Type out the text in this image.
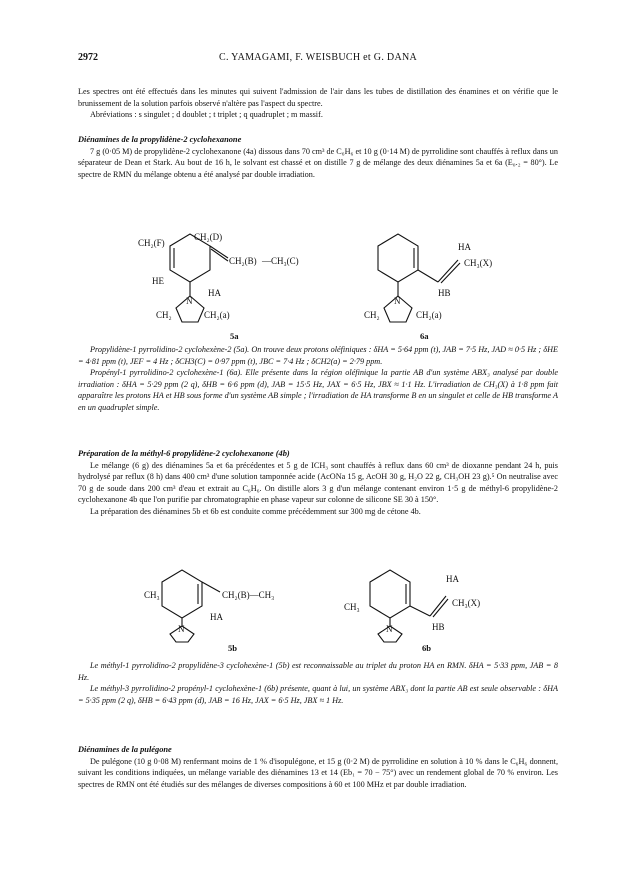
2972	C. YAMAGAMI, F. WEISBUCH et G. DANA

Les spectres ont été effectués dans les minutes qui suivent l'admission de l'air dans les tubes de distillation des énamines et on vérifie que le brunissement de la solution parfois observé n'altère pas l'aspect du spectre.

Abréviations : s singulet ; d doublet ; t triplet ; q quadruplet ; m massif.

Diénamines de la propylidène-2 cyclohexanone

7 g (0·05 M) de propylidène-2 cyclohexanone (4a) dissous dans 70 cm³ de C₆H₆ et 10 g (0·14 M) de pyrrolidine sont chauffés à reflux dans un séparateur de Dean et Stark. Au bout de 16 h, le solvant est chassé et on distille 7 g de mélange des deux diénamines 5a et 6a (E₀.₂ = 80°). Le spectre de RMN du mélange obtenu a été analysé par double irradiation.

CH₂(F)
CH₂(D)
HE
CH₂(B) —CH₃(C)
N
HA
CH₂	CH₂(a)
HA
CH₃(X)
HB
N
CH₂	CH₂(a)
5a	6a

Propylidène-1 pyrrolidino-2 cyclohexène-2 (5a). On trouve deux protons oléfiniques : δHA = 5·64 ppm (t), JAB = 7·5 Hz, JAD ≈ 0·5 Hz ; δHE = 4·81 ppm (t), JEF = 4 Hz ; δCH3(C) = 0·97 ppm (t), JBC = 7·4 Hz ; δCH2(a) = 2·79 ppm.

Propényl-1 pyrrolidino-2 cyclohexène-1 (6a). Elle présente dans la région oléfinique la partie AB d'un système ABX₃ analysé par double irradiation : δHA = 5·29 ppm (2 q), δHB = 6·6 ppm (d), JAB = 15·5 Hz, JAX = 6·5 Hz, JBX ≈ 1·1 Hz. L'irradiation de CH₃(X) à 1·8 ppm fait apparaître les protons HA et HB sous forme d'un système AB simple ; l'irradiation de HA transforme B en un singulet et celle de HB transforme A en un quadruplet simple.

Préparation de la méthyl-6 propylidène-2 cyclohexanone (4b)

Le mélange (6 g) des diénamines 5a et 6a précédentes et 5 g de ICH₃ sont chauffés à reflux dans 60 cm³ de dioxanne pendant 24 h, puis hydrolysé par reflux (8 h) dans 400 cm³ d'une solution tamponnée acide (AcONa 15 g, AcOH 30 g, H₂O 22 g, CH₃OH 23 g).⁵ On neutralise avec 70 g de soude dans 200 cm³ d'eau et extrait au C₆H₆. On distille alors 3 g d'un mélange contenant environ 1·5 g de méthyl-6 propylidène-2 cyclohexanone 4b que l'on purifie par chromatographie en phase vapeur sur colonne de silicone SE 30 à 150°.

La préparation des diénamines 5b et 6b est conduite comme précédemment sur 300 mg de cétone 4b.

CH₃	CH₂(B)—CH₃
HA
N
CH₃
HA
CH₃(X)
HB
N
5b	6b

Le méthyl-1 pyrrolidino-2 propylidène-3 cyclohexène-1 (5b) est reconnaissable au triplet du proton HA en RMN. δHA = 5·33 ppm, JAB = 8 Hz.

Le méthyl-3 pyrrolidino-2 propényl-1 cyclohexène-1 (6b) présente, quant à lui, un système ABX₃ dont la partie AB est seule observable : δHA = 5·35 ppm (2 q), δHB = 6·43 ppm (d), JAB = 16 Hz, JAX = 6·5 Hz, JBX ≈ 1 Hz.

Diénamines de la pulégone

De pulégone (10 g 0·08 M) renfermant moins de 1 % d'isopulégone, et 15 g (0·2 M) de pyrrolidine en solution à 10 % dans le C₆H₆ donnent, suivant les conditions indiquées, un mélange variable des diénamines 13 et 14 (Eb₁ = 70 − 75°) avec un rendement global de 70 % environ. Les spectres de RMN ont été étudiés sur des mélanges de diverses compositions à 60 et 100 MHz et par double irradiation.
